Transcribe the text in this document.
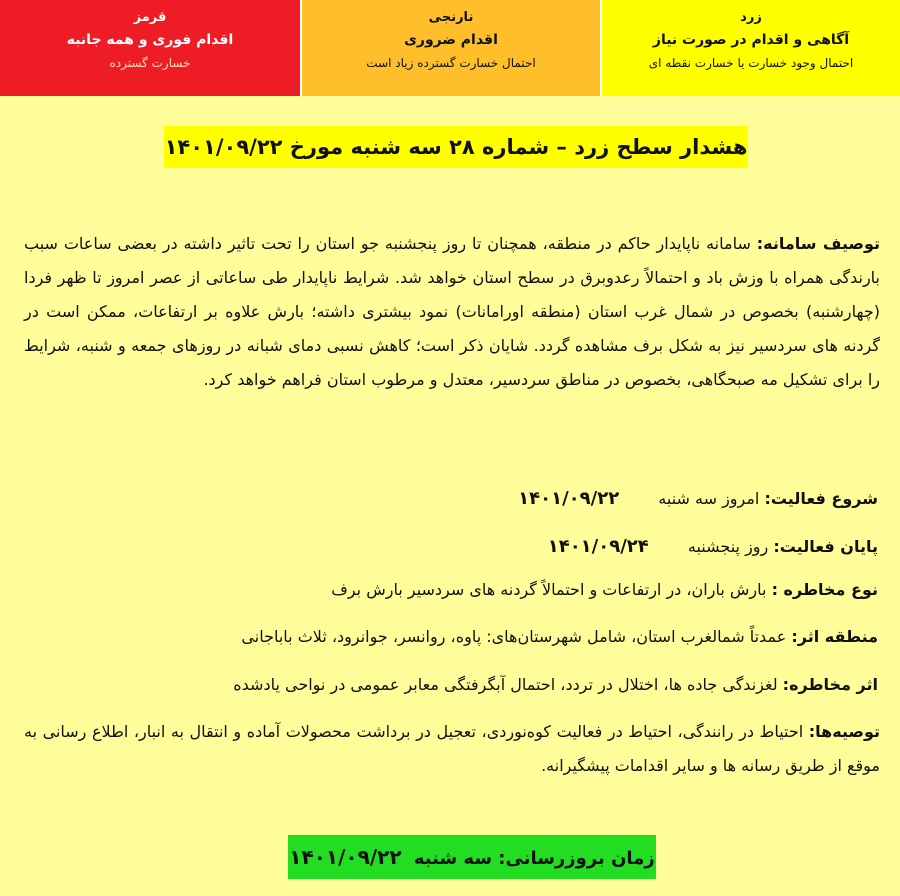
زرد
آگاهی و اقدام در صورت نیاز
احتمال وجود خسارت یا خسارت نقطه ای
نارنجی
اقدام ضروری
احتمال خسارت گسترده زیاد است
قرمز
اقدام فوری و همه جانبه
خسارت گسترده
هشدار سطح زرد – شماره ۲۸ سه شنبه مورخ ۱۴۰۱/۰۹/۲۲
توصیف سامانه: سامانه ناپایدار حاکم در منطقه، همچنان تا روز پنجشنبه جو استان را تحت تاثیر داشته در بعضی ساعات سبب بارندگی همراه با وزش باد و احتمالاً رعدوبرق در سطح استان خواهد شد. شرایط ناپایدار طی ساعاتی از عصر امروز تا ظهر فردا (چهارشنبه) بخصوص در شمال غرب استان (منطقه اورامانات) نمود بیشتری داشته؛ بارش علاوه بر ارتفاعات، ممکن است در گردنه های سردسیر نیز به شکل برف مشاهده گردد. شایان ذکر است؛ کاهش نسبی دمای شبانه در روزهای جمعه و شنبه، شرایط را برای تشکیل مه صبحگاهی، بخصوص در مناطق سردسیر، معتدل و مرطوب استان فراهم خواهد کرد.
شروع فعالیت: امروز سه شنبه ۱۴۰۱/۰۹/۲۲
پایان فعالیت: روز پنجشنبه ۱۴۰۱/۰۹/۲۴
نوع مخاطره : بارش باران، در ارتفاعات و احتمالاً گردنه های سردسیر بارش برف
منطقه اثر: عمدتاً شمالغرب استان، شامل شهرستان‌های: پاوه، روانسر، جوانرود، ثلاث باباجانی
اثر مخاطره: لغزندگی جاده ها، اختلال در تردد، احتمال آبگرفتگی معابر عمومی در نواحی یادشده
توصیه‌ها: احتیاط در رانندگی، احتیاط در فعالیت کوه‌نوردی، تعجیل در برداشت محصولات آماده و انتقال به انبار، اطلاع رسانی به موقع از طریق رسانه ها و سایر اقدامات پیشگیرانه.
زمان بروزرسانی: سه شنبه ۱۴۰۱/۰۹/۲۲
